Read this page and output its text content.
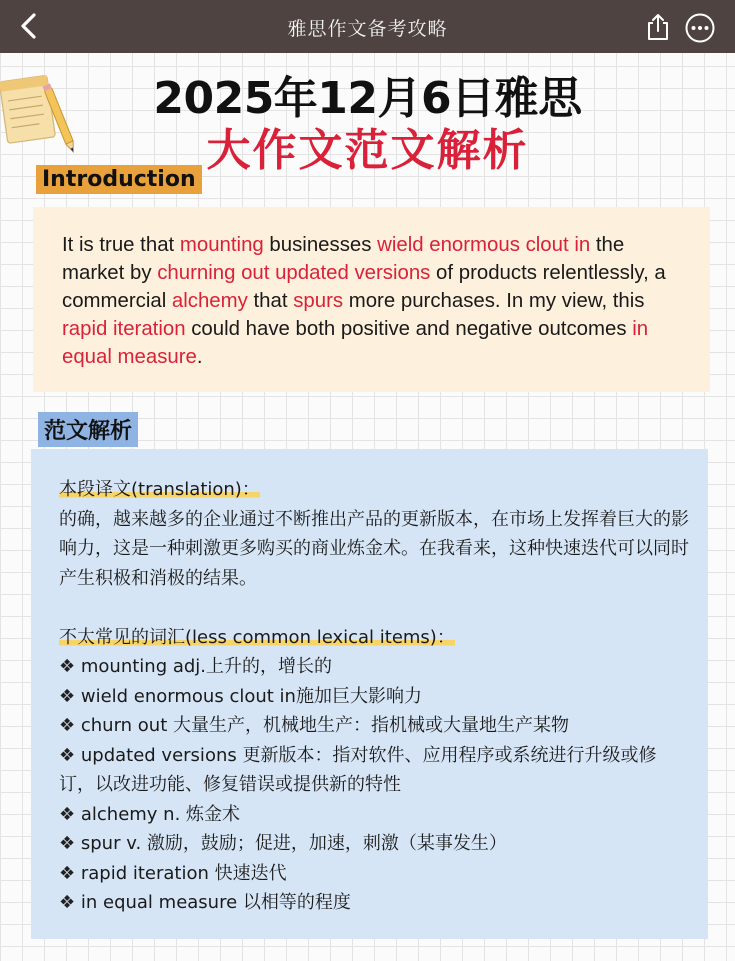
雅思作文备考攻略
2025年12月6日雅思
大作文范文解析
Introduction
It is true that mounting businesses wield enormous clout in the market by churning out updated versions of products relentlessly, a commercial alchemy that spurs more purchases. In my view, this rapid iteration could have both positive and negative outcomes in equal measure.
范文解析
本段译文(translation)：
的确，越来越多的企业通过不断推出产品的更新版本，在市场上发挥着巨大的影响力，这是一种刺激更多购买的商业炼金术。在我看来，这种快速迭代可以同时产生积极和消极的结果。
不太常见的词汇(less common lexical items)：
❖ mounting adj.上升的，增长的
❖ wield enormous clout in施加巨大影响力
❖ churn out 大量生产，机械地生产：指机械或大量地生产某物
❖ updated versions 更新版本：指对软件、应用程序或系统进行升级或修订，以改进功能、修复错误或提供新的特性
❖ alchemy n. 炼金术
❖ spur v. 激励，鼓励；促进，加速，刺激（某事发生）
❖ rapid iteration 快速迭代
❖ in equal measure 以相等的程度
